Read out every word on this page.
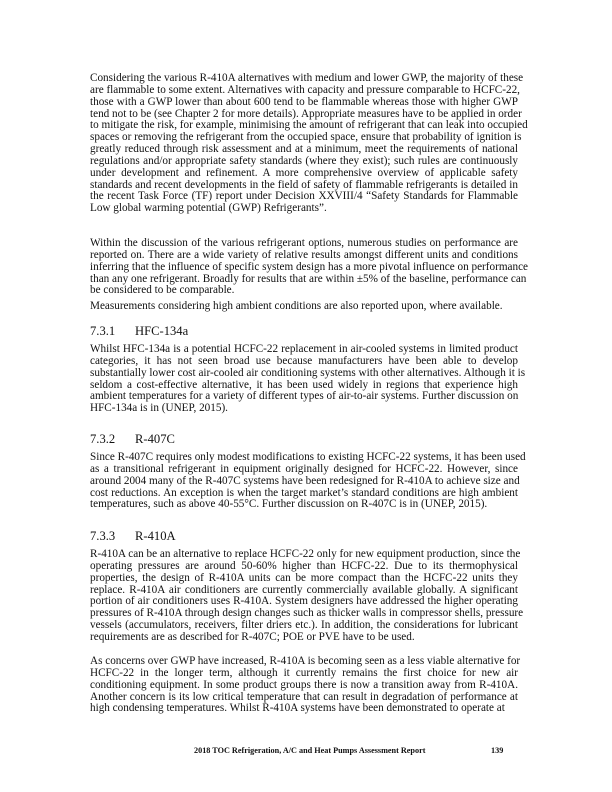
Considering the various R-410A alternatives with medium and lower GWP, the majority of these
are flammable to some extent. Alternatives with capacity and pressure comparable to HCFC-22,
those with a GWP lower than about 600 tend to be flammable whereas those with higher GWP
tend not to be (see Chapter 2 for more details). Appropriate measures have to be applied in order
to mitigate the risk, for example, minimising the amount of refrigerant that can leak into occupied
spaces or removing the refrigerant from the occupied space, ensure that probability of ignition is
greatly reduced through risk assessment and at a minimum, meet the requirements of national
regulations and/or appropriate safety standards (where they exist); such rules are continuously
under development and refinement. A more comprehensive overview of applicable safety
standards and recent developments in the field of safety of flammable refrigerants is detailed in
the recent Task Force (TF) report under Decision XXVIII/4 “Safety Standards for Flammable
Low global warming potential (GWP) Refrigerants”.
Within the discussion of the various refrigerant options, numerous studies on performance are
reported on. There are a wide variety of relative results amongst different units and conditions
inferring that the influence of specific system design has a more pivotal influence on performance
than any one refrigerant. Broadly for results that are within ±5% of the baseline, performance can
be considered to be comparable.
Measurements considering high ambient conditions are also reported upon, where available.
7.3.1 HFC-134a
Whilst HFC-134a is a potential HCFC-22 replacement in air-cooled systems in limited product
categories, it has not seen broad use because manufacturers have been able to develop
substantially lower cost air-cooled air conditioning systems with other alternatives. Although it is
seldom a cost-effective alternative, it has been used widely in regions that experience high
ambient temperatures for a variety of different types of air-to-air systems. Further discussion on
HFC-134a is in (UNEP, 2015).
7.3.2 R-407C
Since R-407C requires only modest modifications to existing HCFC-22 systems, it has been used
as a transitional refrigerant in equipment originally designed for HCFC-22. However, since
around 2004 many of the R-407C systems have been redesigned for R-410A to achieve size and
cost reductions. An exception is when the target market’s standard conditions are high ambient
temperatures, such as above 40-55°C. Further discussion on R-407C is in (UNEP, 2015).
7.3.3 R-410A
R-410A can be an alternative to replace HCFC-22 only for new equipment production, since the
operating pressures are around 50-60% higher than HCFC-22. Due to its thermophysical
properties, the design of R-410A units can be more compact than the HCFC-22 units they
replace. R-410A air conditioners are currently commercially available globally. A significant
portion of air conditioners uses R-410A. System designers have addressed the higher operating
pressures of R-410A through design changes such as thicker walls in compressor shells, pressure
vessels (accumulators, receivers, filter driers etc.). In addition, the considerations for lubricant
requirements are as described for R-407C; POE or PVE have to be used.
As concerns over GWP have increased, R-410A is becoming seen as a less viable alternative for
HCFC-22 in the longer term, although it currently remains the first choice for new air
conditioning equipment. In some product groups there is now a transition away from R-410A.
Another concern is its low critical temperature that can result in degradation of performance at
high condensing temperatures. Whilst R-410A systems have been demonstrated to operate at
2018 TOC Refrigeration, A/C and Heat Pumps Assessment Report	139
